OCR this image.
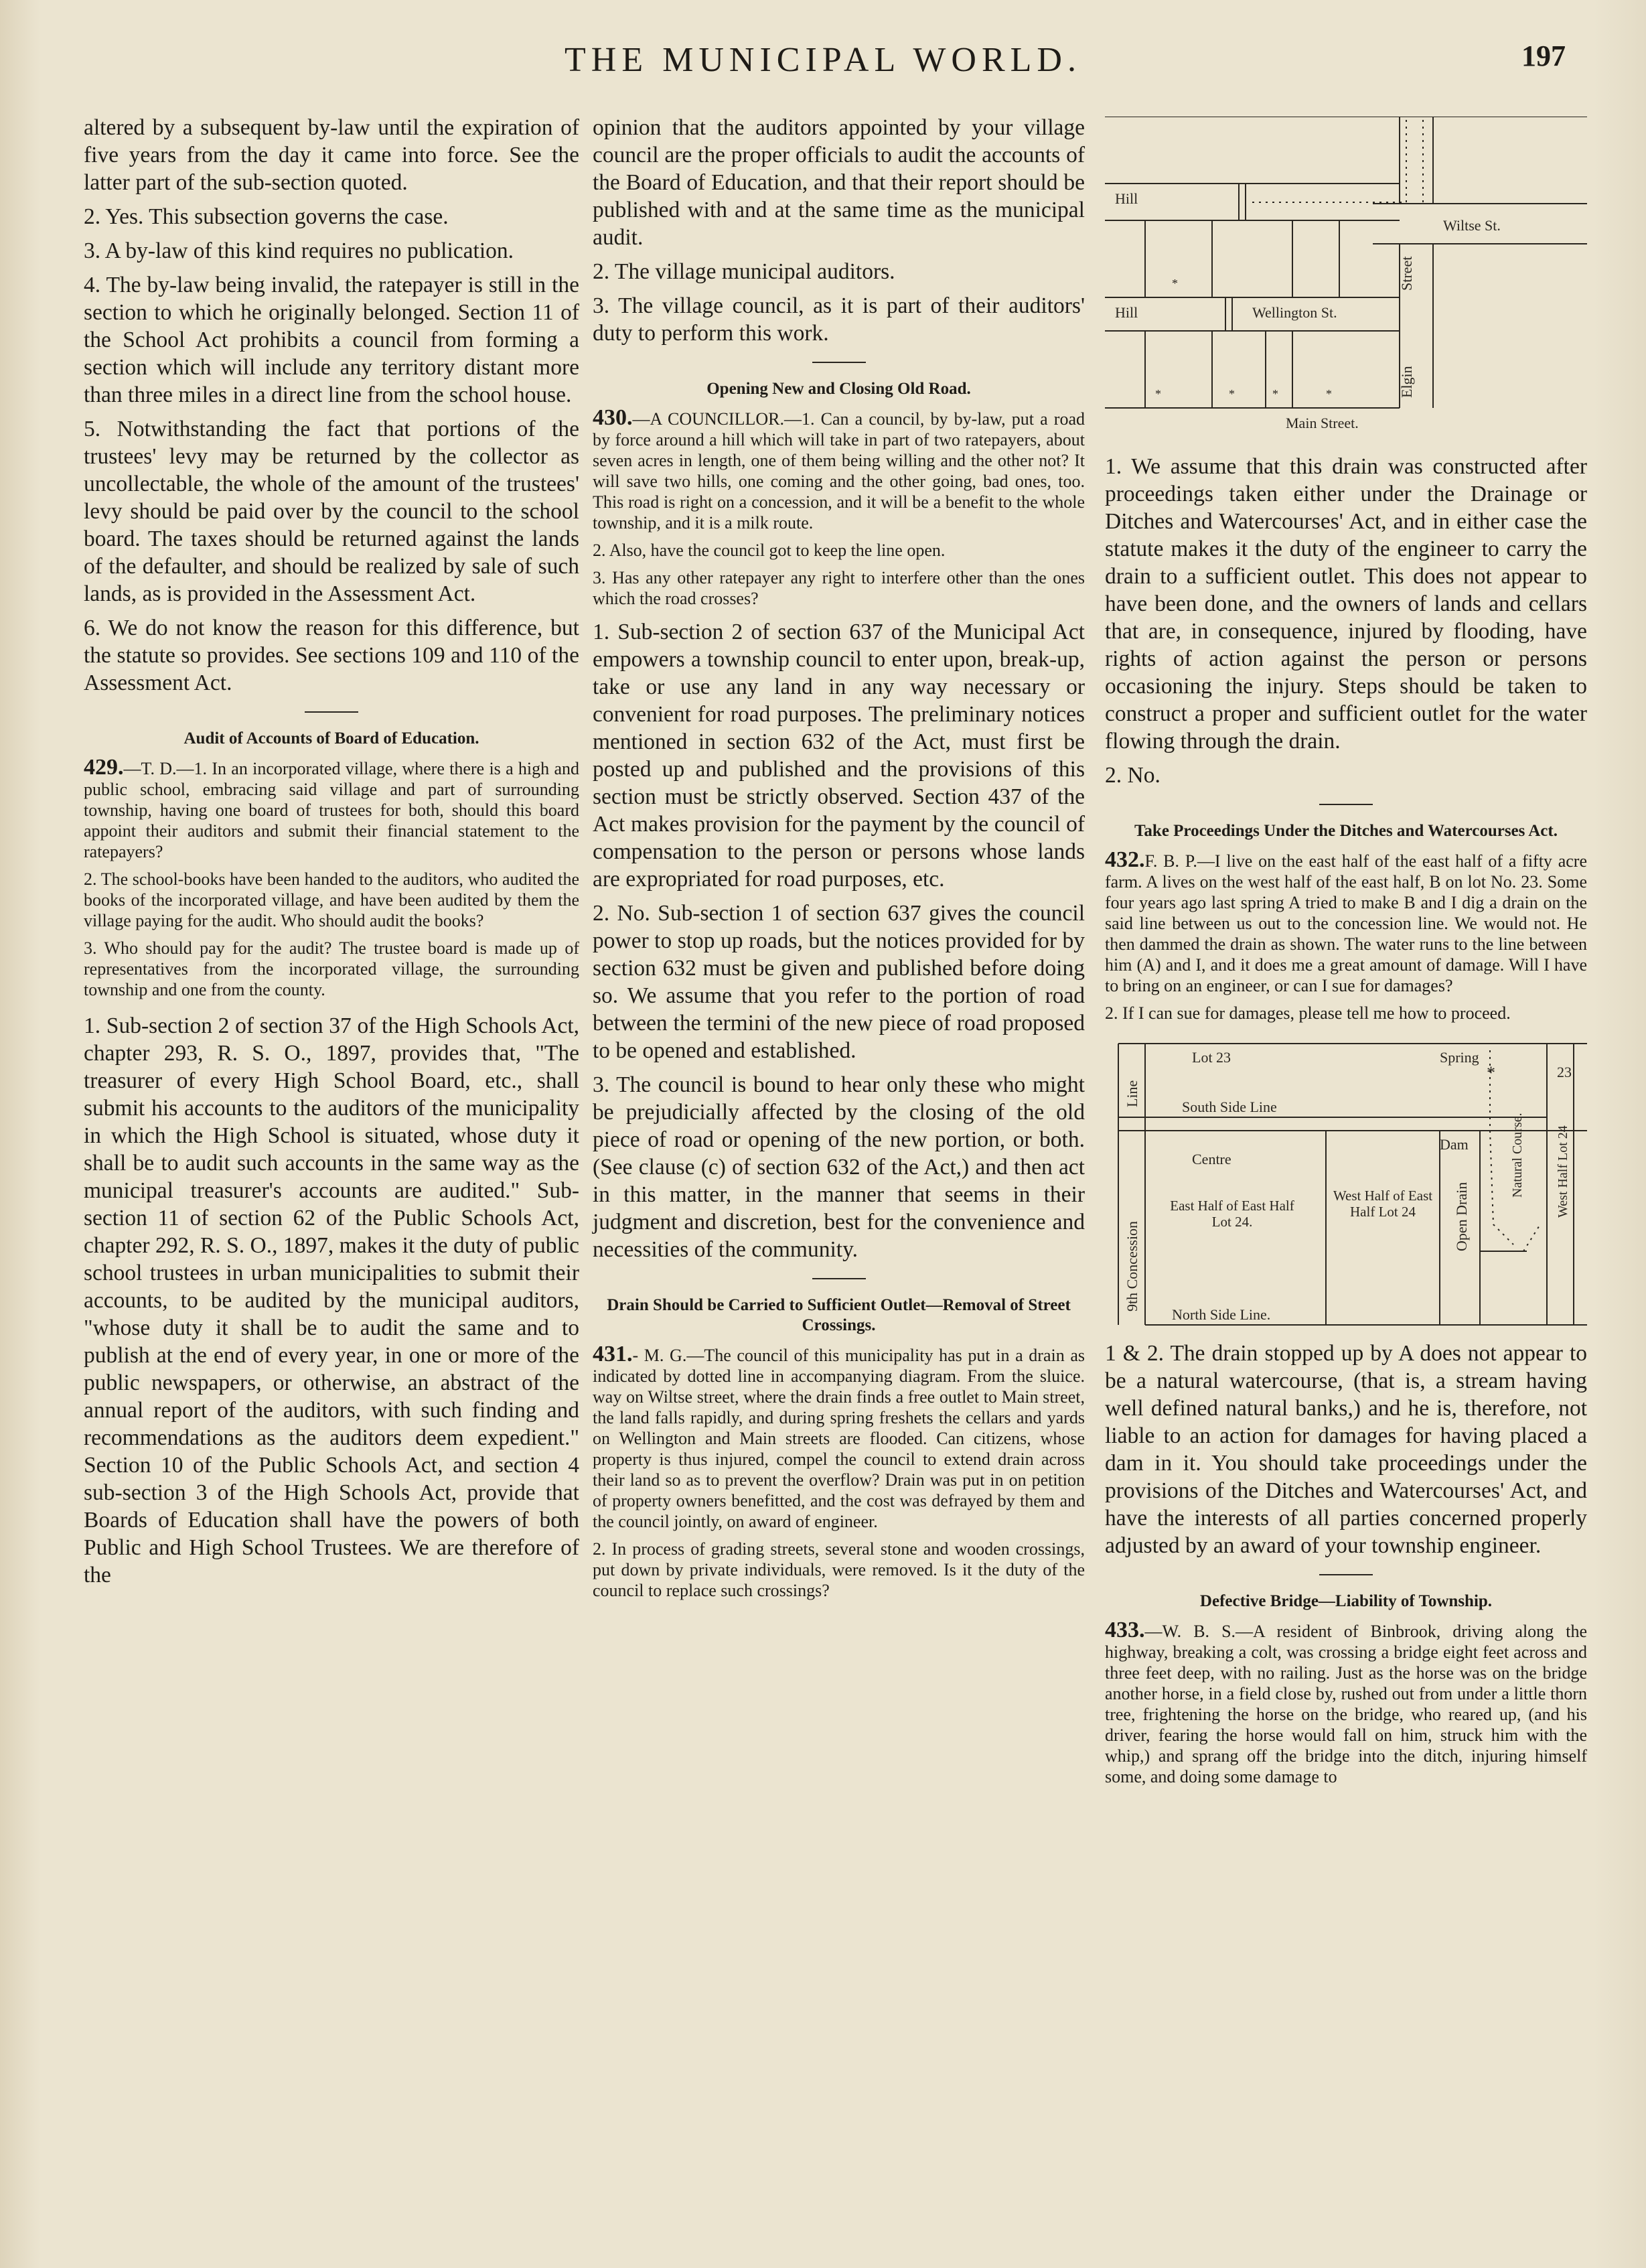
THE MUNICIPAL WORLD.	197

altered by a subsequent by-law until the expiration of five years from the day it came into force. See the latter part of the sub-section quoted.

2. Yes. This subsection governs the case.

3. A by-law of this kind requires no publication.

4. The by-law being invalid, the ratepayer is still in the section to which he originally belonged. Section 11 of the School Act prohibits a council from forming a section which will include any territory distant more than three miles in a direct line from the school house.

5. Notwithstanding the fact that portions of the trustees' levy may be returned by the collector as uncollectable, the whole of the amount of the trustees' levy should be paid over by the council to the school board. The taxes should be returned against the lands of the defaulter, and should be realized by sale of such lands, as is provided in the Assessment Act.

6. We do not know the reason for this difference, but the statute so provides. See sections 109 and 110 of the Assessment Act.

Audit of Accounts of Board of Education.

429.—T. D.—1. In an incorporated village, where there is a high and public school, embracing said village and part of surrounding township, having one board of trustees for both, should this board appoint their auditors and submit their financial statement to the ratepayers?

2. The school-books have been handed to the auditors, who audited the books of the incorporated village, and have been audited by them the village paying for the audit. Who should audit the books?

3. Who should pay for the audit? The trustee board is made up of representatives from the incorporated village, the surrounding township and one from the county.

1. Sub-section 2 of section 37 of the High Schools Act, chapter 293, R. S. O., 1897, provides that, "The treasurer of every High School Board, etc., shall submit his accounts to the auditors of the municipality in which the High School is situated, whose duty it shall be to audit such accounts in the same way as the municipal treasurer's accounts are audited." Sub-section 11 of section 62 of the Public Schools Act, chapter 292, R. S. O., 1897, makes it the duty of public school trustees in urban municipalities to submit their accounts, to be audited by the municipal auditors, "whose duty it shall be to audit the same and to publish at the end of every year, in one or more of the public newspapers, or otherwise, an abstract of the annual report of the auditors, with such finding and recommendations as the auditors deem expedient." Section 10 of the Public Schools Act, and section 4 sub-section 3 of the High Schools Act, provide that Boards of Education shall have the powers of both Public and High School Trustees. We are therefore of the

opinion that the auditors appointed by your village council are the proper officials to audit the accounts of the Board of Education, and that their report should be published with and at the same time as the municipal audit.

2. The village municipal auditors.

3. The village council, as it is part of their auditors' duty to perform this work.

Opening New and Closing Old Road.

430.—A COUNCILLOR.—1. Can a council, by by-law, put a road by force around a hill which will take in part of two ratepayers, about seven acres in length, one of them being willing and the other not? It will save two hills, one coming and the other going, bad ones, too. This road is right on a concession, and it will be a benefit to the whole township, and it is a milk route.

2. Also, have the council got to keep the line open.

3. Has any other ratepayer any right to interfere other than the ones which the road crosses?

1. Sub-section 2 of section 637 of the Municipal Act empowers a township council to enter upon, break-up, take or use any land in any way necessary or convenient for road purposes. The preliminary notices mentioned in section 632 of the Act, must first be posted up and published and the provisions of this section must be strictly observed. Section 437 of the Act makes provision for the payment by the council of compensation to the person or persons whose lands are expropriated for road purposes, etc.

2. No. Sub-section 1 of section 637 gives the council power to stop up roads, but the notices provided for by section 632 must be given and published before doing so. We assume that you refer to the portion of road between the termini of the new piece of road proposed to be opened and established.

3. The council is bound to hear only these who might be prejudicially affected by the closing of the old piece of road or opening of the new portion, or both. (See clause (c) of section 632 of the Act,) and then act in this matter, in the manner that seems in their judgment and discretion, best for the convenience and necessities of the community.

Drain Should be Carried to Sufficient Outlet—Removal of Street Crossings.

431.- M. G.—The council of this municipality has put in a drain as indicated by dotted line in accompanying diagram. From the sluice. way on Wiltse street, where the drain finds a free outlet to Main street, the land falls rapidly, and during spring freshets the cellars and yards on Wellington and Main streets are flooded. Can citizens, whose property is thus injured, compel the council to extend drain across their land so as to prevent the overflow? Drain was put in on petition of property owners benefitted, and the cost was defrayed by them and the council jointly, on award of engineer.

2. In process of grading streets, several stone and wooden crossings, put down by private individuals, were removed. Is it the duty of the council to replace such crossings?

Hill
Wiltse St.
Hill	Wellington St.
Main Street.
Street
Elgin
*
*	*	*	*

1. We assume that this drain was constructed after proceedings taken either under the Drainage or Ditches and Watercourses' Act, and in either case the statute makes it the duty of the engineer to carry the drain to a sufficient outlet. This does not appear to have been done, and the owners of lands and cellars that are, in consequence, injured by flooding, have rights of action against the person or persons occasioning the injury. Steps should be taken to construct a proper and sufficient outlet for the water flowing through the drain.

2. No.

Take Proceedings Under the Ditches and Watercourses Act.

432.F. B. P.—I live on the east half of the east half of a fifty acre farm. A lives on the west half of the east half, B on lot No. 23. Some four years ago last spring A tried to make B and I dig a drain on the said line between us out to the concession line. We would not. He then dammed the drain as shown. The water runs to the line between him (A) and I, and it does me a great amount of damage. Will I have to bring on an engineer, or can I sue for damages?

2. If I can sue for damages, please tell me how to proceed.

Lot 23	Spring
*	23
Line	South Side Line
Dam
Centre
9th Concession
East Half of East Half Lot 24.
West Half of East Half Lot 24	Open Drain
Natural Course. West Half Lot 24
North Side Line.

1 & 2. The drain stopped up by A does not appear to be a natural watercourse, (that is, a stream having well defined natural banks,) and he is, therefore, not liable to an action for damages for having placed a dam in it. You should take proceedings under the provisions of the Ditches and Watercourses' Act, and have the interests of all parties concerned properly adjusted by an award of your township engineer.

Defective Bridge—Liability of Township.

433.—W. B. S.—A resident of Binbrook, driving along the highway, breaking a colt, was crossing a bridge eight feet across and three feet deep, with no railing. Just as the horse was on the bridge another horse, in a field close by, rushed out from under a little thorn tree, frightening the horse on the bridge, who reared up, (and his driver, fearing the horse would fall on him, struck him with the whip,) and sprang off the bridge into the ditch, injuring himself some, and doing some damage to
